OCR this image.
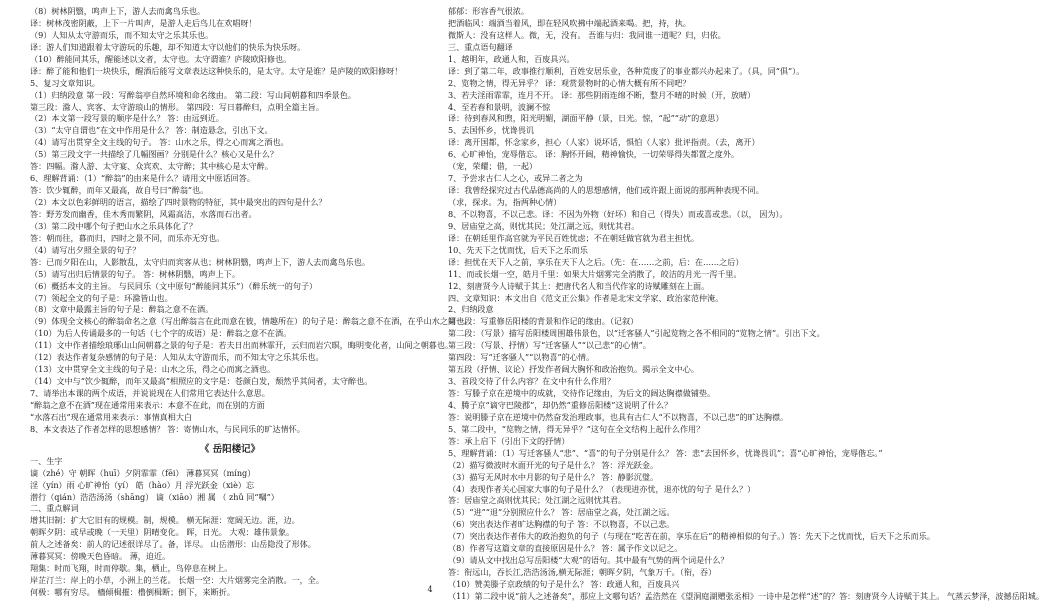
（8）树林阴翳，鸣声上下，游人去而禽鸟乐也。
译：树林茂密阴蔽，上下一片叫声，是游人走后鸟儿在欢唱呀！
（9）人知从太守游而乐，而不知太守之乐其乐也。
译：游人们知道跟着太守游玩的乐趣，却不知道太守以他们的快乐为快乐呀。
（10）醉能同其乐，醒能述以文者，太守也。太守谓谁？庐陵欧阳修也。
译：醉了能和他们一块快乐，醒酒后能写文章表达这种快乐的，是太守。太守是谁？是庐陵的欧阳修呀！
5、复习文章知识。
（1）归纳段意 第一段：写醉翁亭自然环境和命名缘由。 第二段：写山间朝暮和四季景色。
第三段：滁人、宾客、太守游琅山的情形。 第四段：写日暮醉归，点明全篇主旨。
（2）本文第一段写景的顺序是什么？ 答：由远到近。
（3）“太守自谓也”在文中作用是什么？ 答：制造悬念，引出下文。
（4）请写出贯穿全文主线的句子。 答：山水之乐，得之心而寓之酒也。
（5）第三段文字一共描绘了几幅图画？分别是什么？核心又是什么？
答：四幅。滁人游、太守宴、众宾欢、太守醉；其中核心是太守醉。
6、理解背诵：（1）“醉翁”的由来是什么？请用文中原话回答。
答：饮少辄醉，而年又最高，故自号曰“醉翁”也。
（2）本文以色彩鲜明的语言，描绘了四时景物的特征，其中最突出的四句是什么？
答：野芳发而幽香，佳木秀而繁阴，风霜高洁，水落而石出者。
（3）第二段中哪个句子把山水之乐具体化了？
答：朝而往，暮而归，四时之景不同，而乐亦无穷也。
（4）请写出夕照全景的句子？
答：已而夕阳在山，人影散乱，太守归而宾客从也；树林阴翳，鸣声上下，游人去而禽鸟乐也。
（5）请写出归后情景的句子。 答：树林阴翳，鸣声上下。
（6）概括本文的主旨。 与民同乐（文中原句“醉能同其乐”）（醉乐统一的句子）
（7）领起全文的句子是：环滁皆山也。
（8）文章中最露主旨的句子是：醉翁之意不在酒。
（9）体现全文核心的醉翁命名之意（写出醉翁言在此而意在彼，情趣所在）的句子是：醉翁之意不在酒，在乎山水之间也。
（10）为后人传诵最多的一句话（七个字的成语）是：醉翁之意不在酒。
（11）文中作者描绘琅琊山山间朝暮之景的句子是：若夫日出而林霏开，云归而岩穴暝，晦明变化者，山间之朝暮也。
（12）表达作者复杂感情的句子是：人知从太守游而乐，而不知太守之乐其乐也。
（13）文中贯穿全文主线的句子是：山水之乐，得之心而寓之酒也。
（14）文中与“饮少辄醉，而年又最高”相照应的文字是：苍颜白发，颓然乎其间者，太守醉也。
7、请举出本课的两个成语，并说说现在人们常用它表达什么意思。
“醉翁之意不在酒”现在通常用来表示：本意不在此，而在别的方面
“水落石出”现在通常用来表示：事情真相大白
8、本文表达了作者怎样的思想感情？ 答：寄情山水，与民同乐的旷达情怀。
《 岳阳楼记》
一、生字
谪（zhé）守 朝晖（huī）夕阴霏霏（fēi） 薄暮冥冥（míng）
淫（yín）雨 心旷神怡（yí） 皓（hào）月 浮光跃金（xiè）忘
潜行（qián）浩浩汤汤（shāng） 谪（xiāo）湘 属 （ zhǔ 同“嘱”）
二、重点解词
增其旧制：扩大它旧有的规模。制，规模。 横无际涯：宽阔无边。涯，边。
朝晖夕阴：或早或晚（一天里）阴晴变化。 晖，日光。 大观：雄伟景象。
前人之述备矣：前人的记述很详尽了。备，详尽。 山岳潜形：山岳隐没了形体。
薄暮冥冥：傍晚天色昏暗。 薄，迫近。
翔集：时而飞翔，时而停歇。集，栖止，鸟停息在树上。
岸芷汀兰：岸上的小草，小洲上的兰花。 长烟一空：大片烟雾完全消散。一，全。
何极：哪有穷尽。 檣傾楫摧：橹倒楫断；倒下，来断折。
郁郁：形容香气很浓。
把酒临风：端酒当着风，即在轻风吹拂中端起酒来喝。把，持，执。
微斯人：没有这样人。微，无，没有。 吾谁与归：我同谁一道呢？归，归依。
三、重点语句翻译
1、越明年，政通人和，百废具兴。
译：到了第二年，政事推行顺利，百姓安居乐业，各种荒废了的事业都兴办起来了。（具，同“俱”）。
2、览物之情，得无异乎？ 译：观赏景物时的心情大概有所不同吧？
3、若夫淫雨霏霏，连月不开。 译：那些阴雨连绵不断，整月不晴的时候（开，放晴）
4、至若春和景明，波澜不惊
译：待到春风和煦，阳光明媚，湖面平静（景，日光。惊，“起”“动”的意思）
5、去国怀乡，忧谗畏讥
译：离开国都，怀念家乡，担心（人家）说坏话，惧怕（人家）批评指责。（去，离开）
6、心旷神怡，宠辱偕忘。 译：胸怀开阔，精神愉快，一切荣辱得失都置之度外。
（宠，荣耀；借，一起）
7、予尝求古仁人之心，或异二者之为
译：我曾经探究过古代品德高尚的人的思想感情，他们或许跟上面说的那两种表现不同。
（求，探求。为，指两种心情）
8、不以物喜，不以己悲。译：不因为外物（好坏）和自己（得失）而或喜或悲。（以， 因为）。
9、居庙堂之高，则忧其民；处江湖之远，则忧其君。
译：在朝廷里作高官就为平民百姓忧虑；不在朝廷做官就为君主担忧。
10、先天下之忧而忧，后天下之乐而乐
译：担忧在天下人之前，享乐在天下人之后。（先：在……之前，后：在……之后）
11、而或长烟一空，皓月千里：如果大片烟雾完全消散了，皎洁的月光一泻千里。
12、刻唐贤今人诗赋于其上：把唐代名人和当代作家的诗赋雕刻在上面。
四、文章知识：本文出自《范文正公集》作者是北宋文学家、政治家范仲淹。
2、归纳段意
第一段：写重修岳阳楼的背景和作记的缘由。（记叙）
第二段：（写景）描写岳阳楼周围雄伟景色，以“迁客骚人”引起览物之各不相同的“览物之情”。引出下文。
第三段：（写景、抒情）写“迁客骚人”“以己悲”的心情”。
第四段：写“迁客骚人”“以物喜”的心情。
第五段（抒情、议论）抒发作者阔大胸怀和政治抱负。揭示全文中心。
3、首段交待了什么内容？在文中有什么作用？
答：写滕子京在逆境中的成就，交待作记缘由，为后文的阔达胸襟做铺垫。
4、腾子京“谪守巴陵郡”，却仍然“重修岳阳楼”这说明了什么？
答：说明滕子京在逆境中仍然奋发治理政事，也具有古仁人“不以物喜，不以己悲”的旷达胸襟。
5、第二段中，“览物之情，得无异乎？”这句在全文结构上起什么作用？
答：承上启下（引出下文的抒情）
5、理解背诵：（1）写迁客骚人“悲”、“喜”的句子分别是什么？ 答：悲“去国怀乡，忧谗畏讥”；喜“心旷神怡，宠辱偕忘。”
（2）描写微波时水面开光的句子是什么？ 答：浮光跃金。
（3）描写无风时水中月影的句子是什么？ 答：静影沉璧。
（4）表现作者关心国家大事的句子是什么？（表现进亦忧，退亦忧的句子 是什么？）
答：居庙堂之高则忧其民；处江湖之远则忧其君。
（5）“进”“退”分别照应什么？ 答：居庙堂之高，处江湖之远。
（6）突出表达作者旷达胸襟的句子 答：不以物喜，不以己悲。
（7）突出表达作者伟大的政治抱负的句子（与现在“吃苦在前，享乐在后”的精神相似的句子。）答：先天下之忧而忧，后天下之乐而乐。
（8）作者写这篇文章的直接原因是什么？ 答：属予作文以记之。
（9）请从文中找出总写岳阳楼“大观”的语句。其中最有气势的两个词是什么？
答：衔远山，吞长江,浩浩汤汤,横无际涯；朝晖夕阴，气象万千。（衔，吞）
（10）赞美滕子京政绩的句子是什么？ 答：政通人和，百废具兴
（11）第二段中说“前人之述备矣”，那应上文哪句话？孟浩然在《望洞庭湖赠张丞相》一诗中是怎样“述”的？答：刻唐贤今人诗赋于其上。 气蒸云梦泽，波撼岳阳城。
4
